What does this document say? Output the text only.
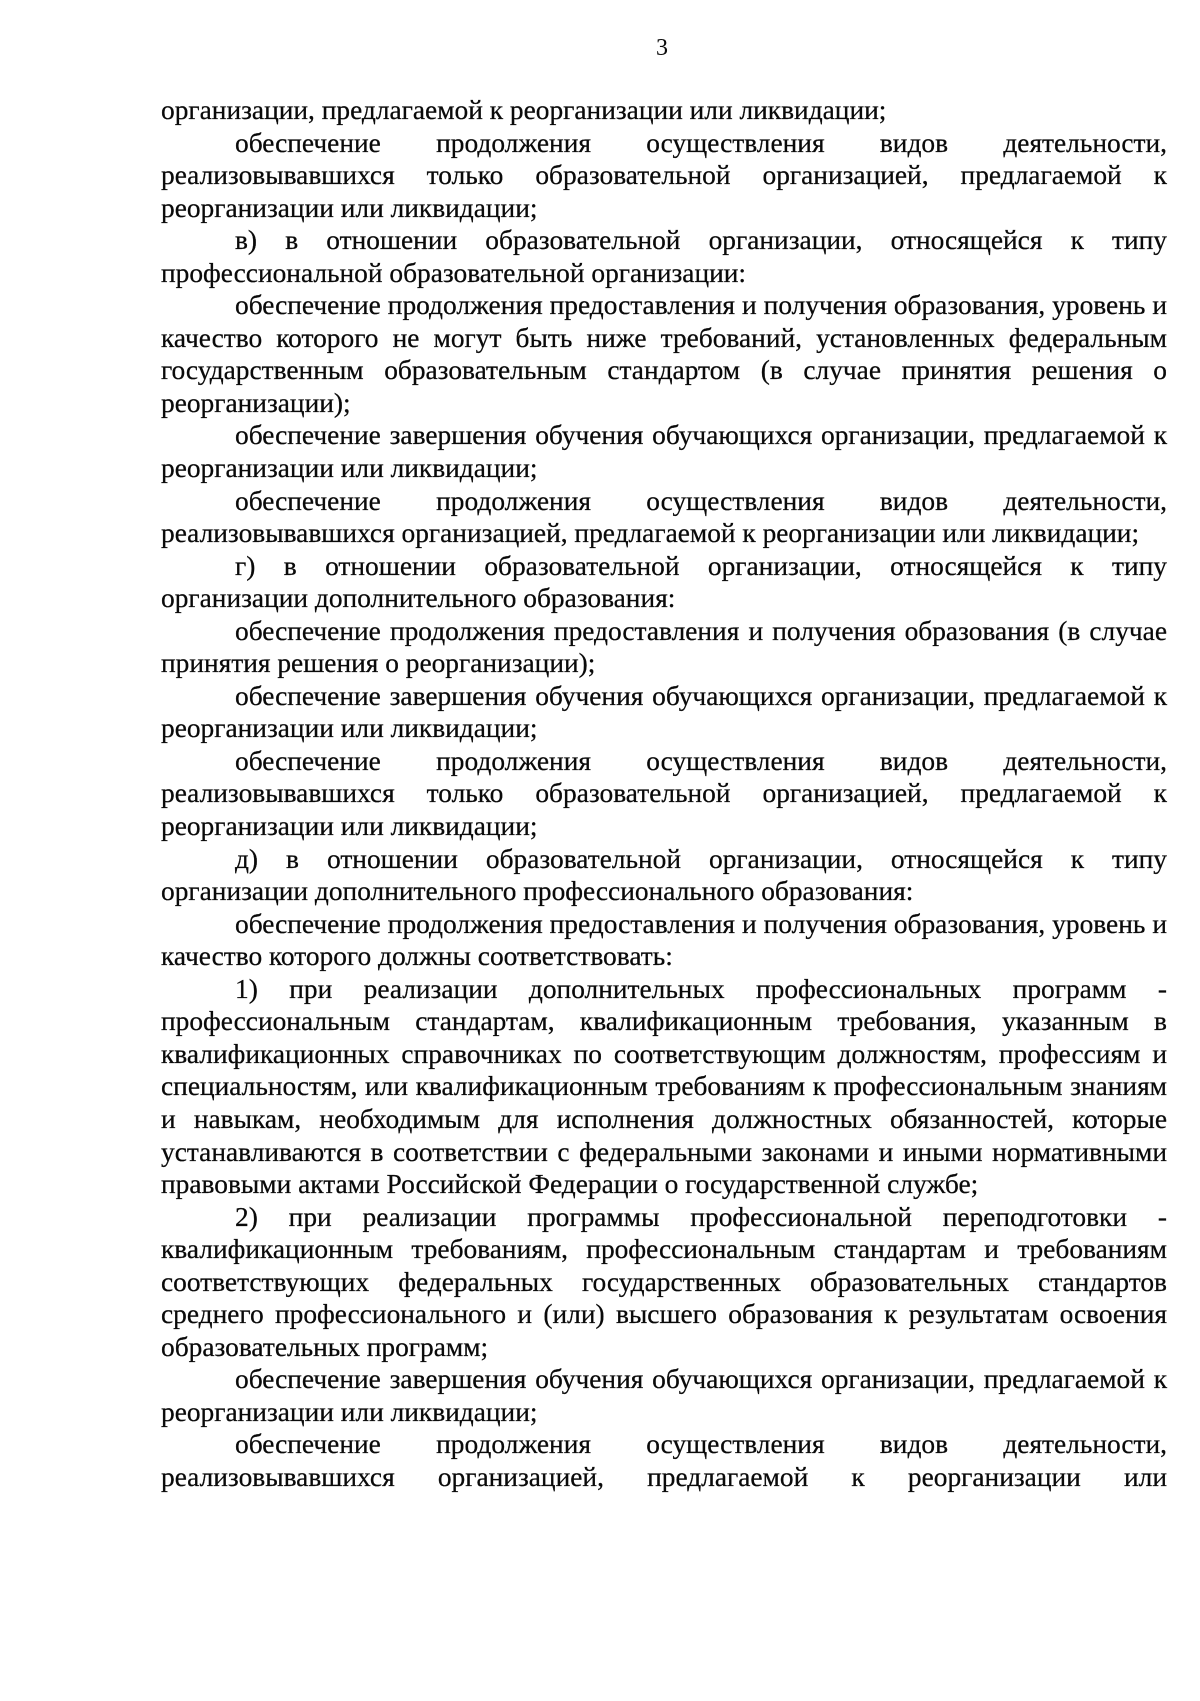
3

организации, предлагаемой к реорганизации или ликвидации;

обеспечение продолжения осуществления видов деятельности, реализовывавшихся только образовательной организацией, предлагаемой к реорганизации или ликвидации;

в) в отношении образовательной организации, относящейся к типу профессиональной образовательной организации:

обеспечение продолжения предоставления и получения образования, уровень и качество которого не могут быть ниже требований, установленных федеральным государственным образовательным стандартом (в случае принятия решения о реорганизации);

обеспечение завершения обучения обучающихся организации, предлагаемой к реорганизации или ликвидации;

обеспечение продолжения осуществления видов деятельности, реализовывавшихся организацией, предлагаемой к реорганизации или ликвидации;

г) в отношении образовательной организации, относящейся к типу организации дополнительного образования:

обеспечение продолжения предоставления и получения образования (в случае принятия решения о реорганизации);

обеспечение завершения обучения обучающихся организации, предлагаемой к реорганизации или ликвидации;

обеспечение продолжения осуществления видов деятельности, реализовывавшихся только образовательной организацией, предлагаемой к реорганизации или ликвидации;

д) в отношении образовательной организации, относящейся к типу организации дополнительного профессионального образования:

обеспечение продолжения предоставления и получения образования, уровень и качество которого должны соответствовать:

1) при реализации дополнительных профессиональных программ - профессиональным стандартам, квалификационным требования, указанным в квалификационных справочниках по соответствующим должностям, профессиям и специальностям, или квалификационным требованиям к профессиональным знаниям и навыкам, необходимым для исполнения должностных обязанностей, которые устанавливаются в соответствии с федеральными законами и иными нормативными правовыми актами Российской Федерации о государственной службе;

2) при реализации программы профессиональной переподготовки - квалификационным требованиям, профессиональным стандартам и требованиям соответствующих федеральных государственных образовательных стандартов среднего профессионального и (или) высшего образования к результатам освоения образовательных программ;

обеспечение завершения обучения обучающихся организации, предлагаемой к реорганизации или ликвидации;

обеспечение продолжения осуществления видов деятельности, реализовывавшихся организацией, предлагаемой к реорганизации или
